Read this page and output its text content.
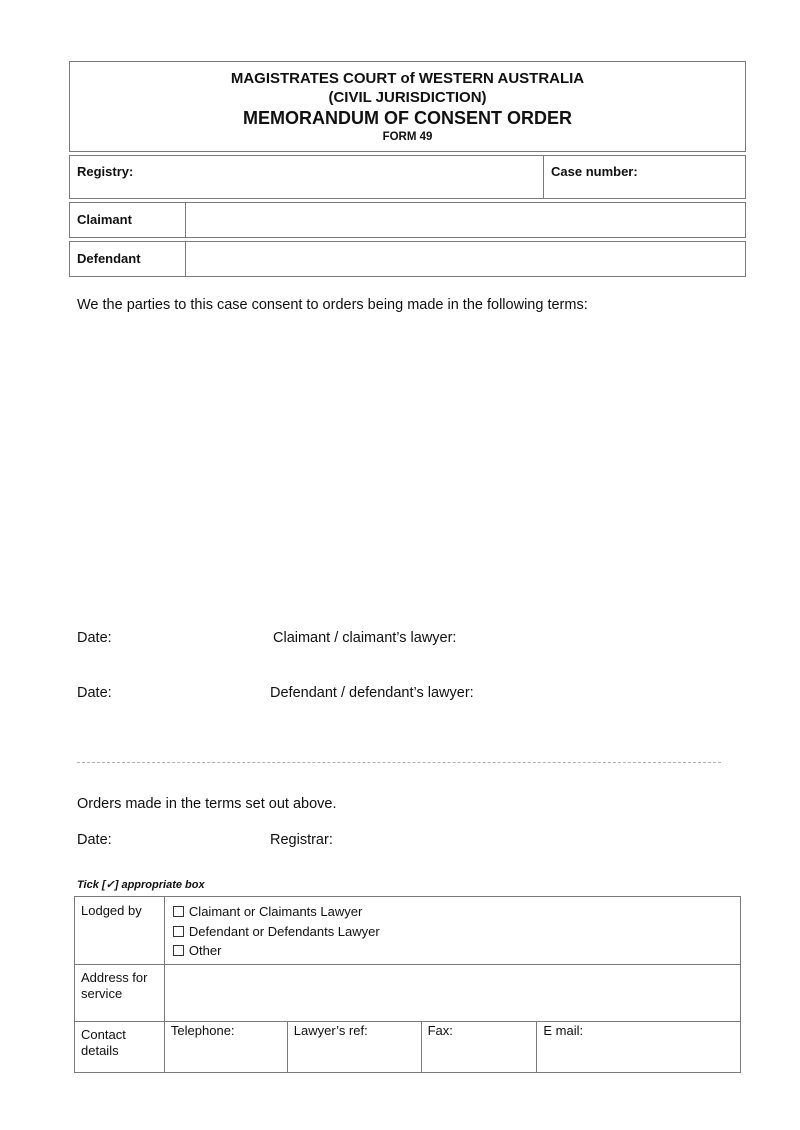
MAGISTRATES COURT of WESTERN AUSTRALIA
(CIVIL JURISDICTION)
MEMORANDUM OF CONSENT ORDER
FORM 49
Registry:	Case number:
Claimant
Defendant
We the parties to this case consent to orders being made in the following terms:
Date:	Claimant / claimant’s lawyer:
Date:	Defendant / defendant’s lawyer:
Orders made in the terms set out above.
Date:	Registrar:
Tick [✓] appropriate box
Lodged by	Claimant or Claimants Lawyer
Defendant or Defendants Lawyer
Other			

Address for service				
Contact details	Telephone:	Lawyer’s ref:	Fax:	E mail:
